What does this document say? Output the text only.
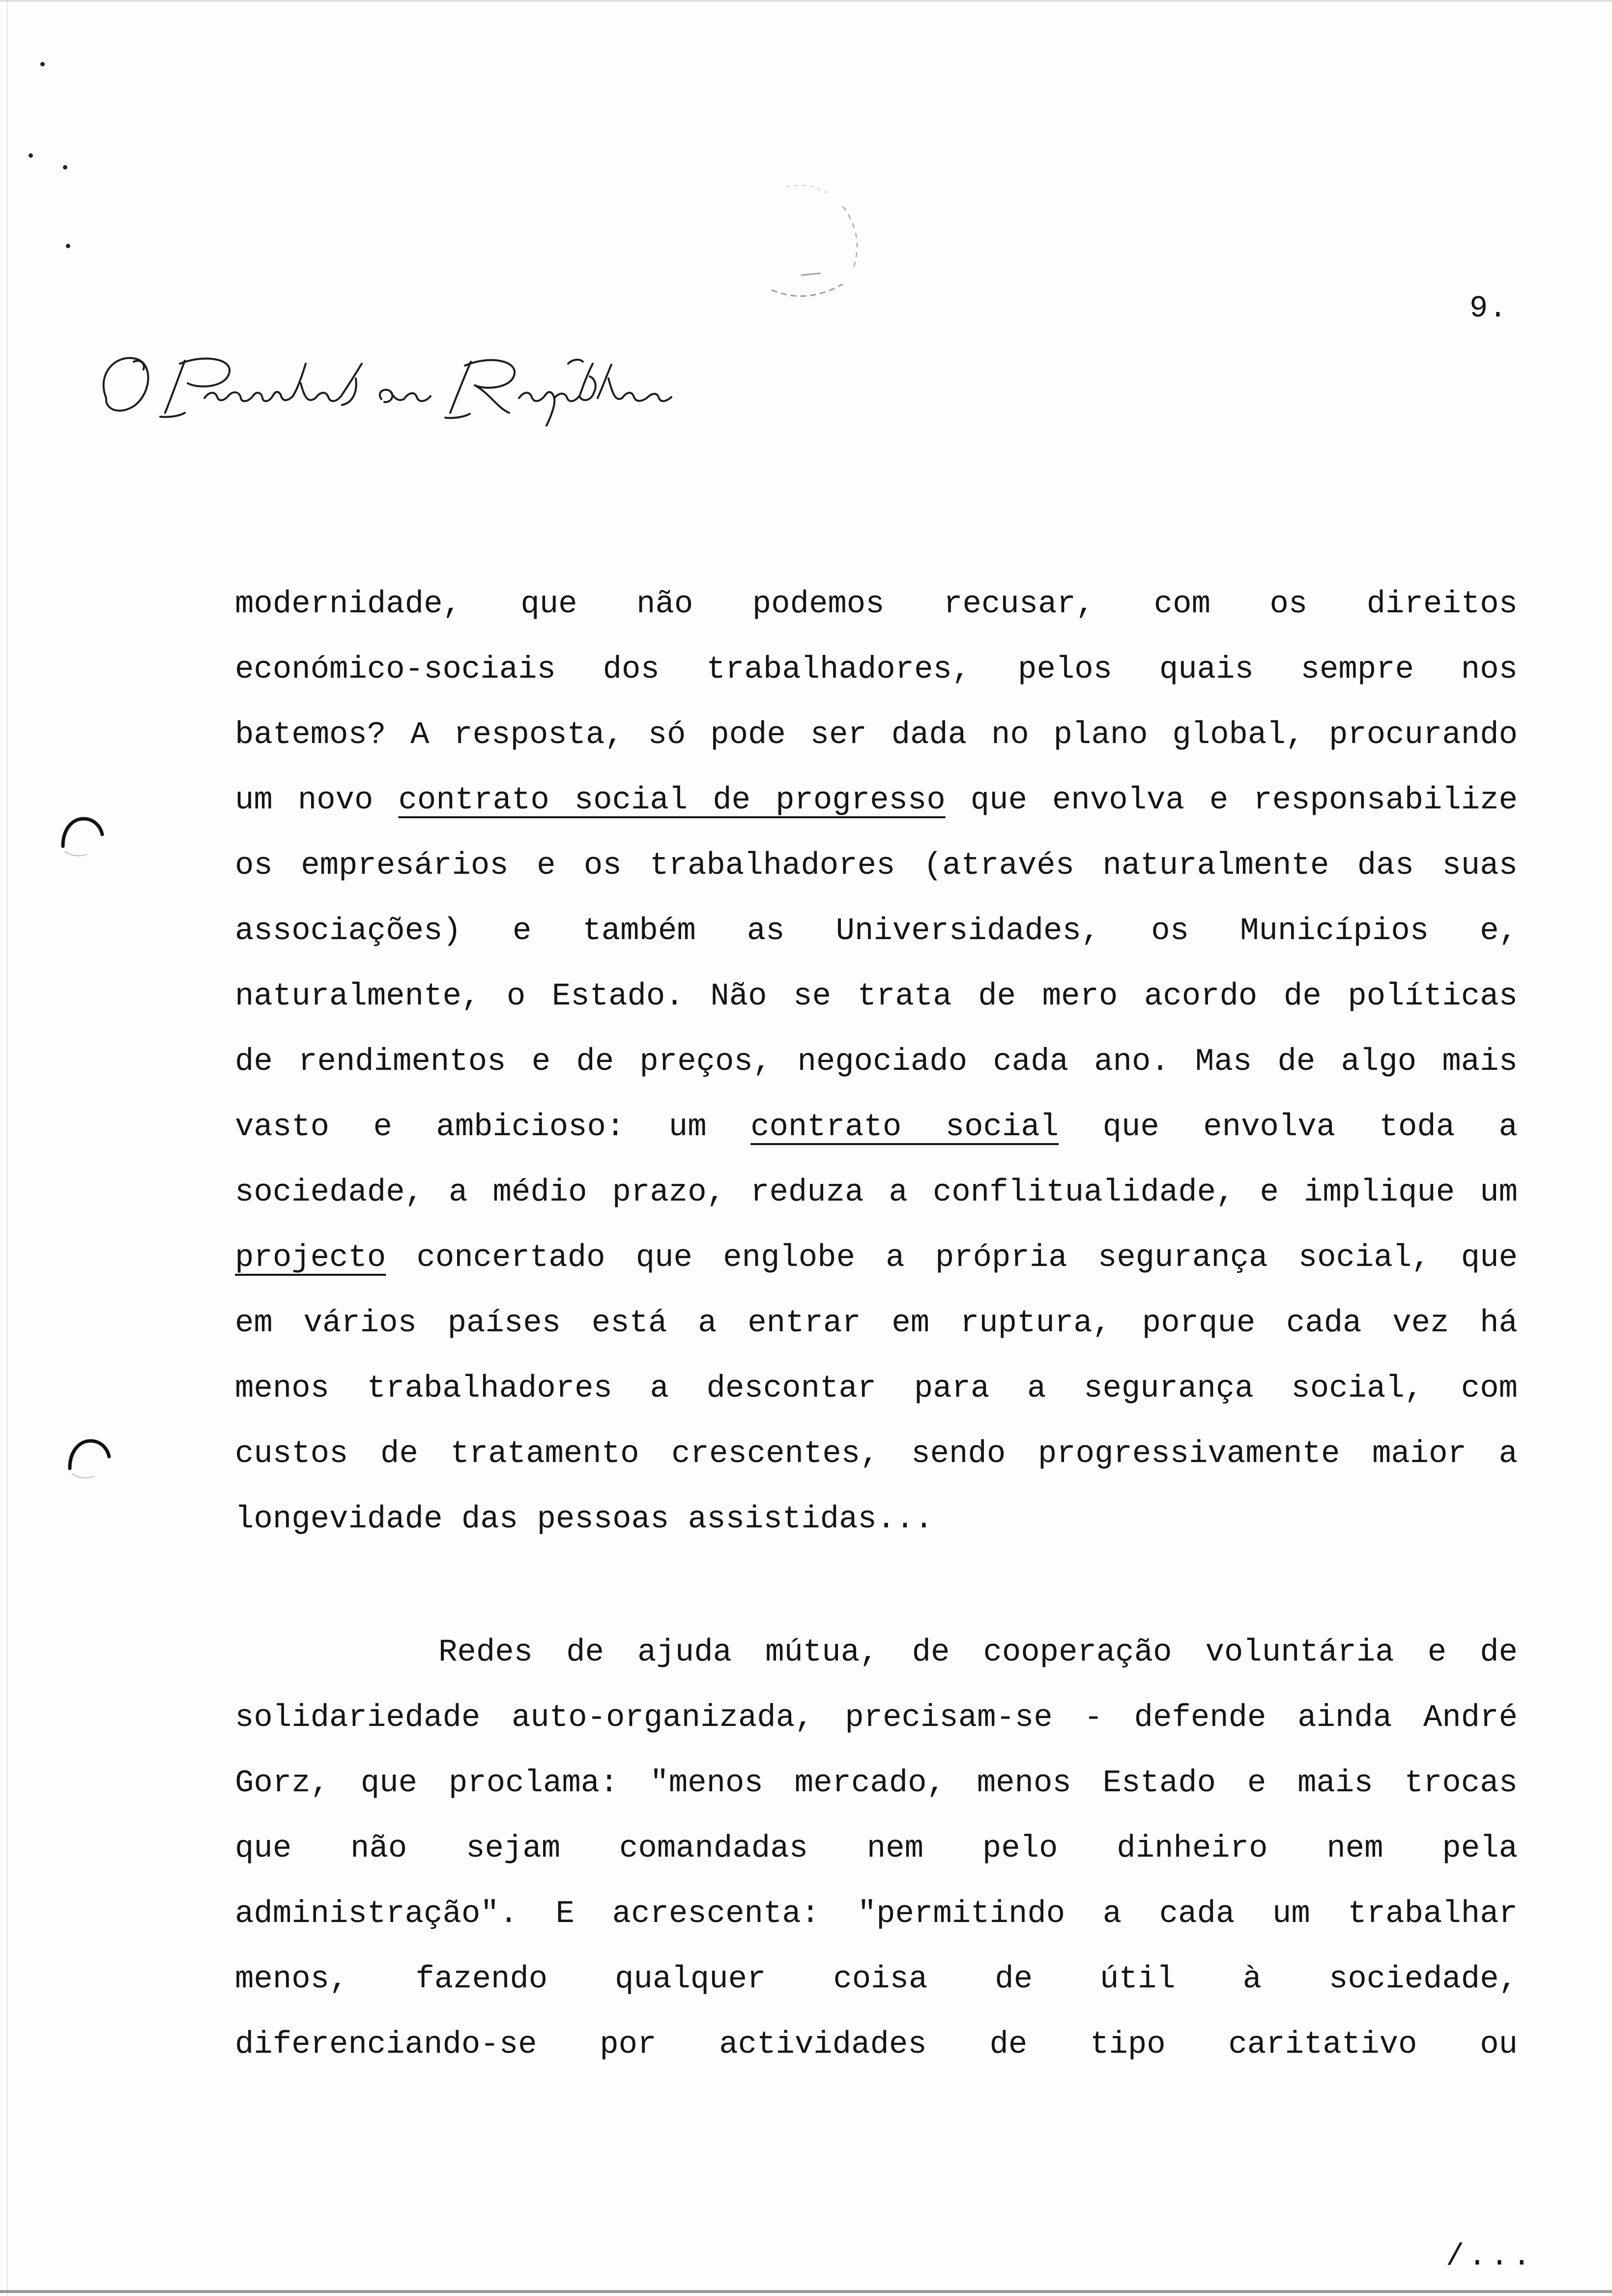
9.
modernidade, que não podemos recusar, com os direitos
económico-sociais dos trabalhadores, pelos quais sempre nos
batemos? A resposta, só pode ser dada no plano global, procurando
um novo contrato social de progresso que envolva e responsabilize
os empresários e os trabalhadores (através naturalmente das suas
associações) e também as Universidades, os Municípios e,
naturalmente, o Estado. Não se trata de mero acordo de políticas
de rendimentos e de preços, negociado cada ano. Mas de algo mais
vasto e ambicioso: um contrato social que envolva toda a
sociedade, a médio prazo, reduza a conflitualidade, e implique um
projecto concertado que englobe a própria segurança social, que
em vários países está a entrar em ruptura, porque cada vez há
menos trabalhadores a descontar para a segurança social, com
custos de tratamento crescentes, sendo progressivamente maior a
longevidade das pessoas assistidas...
Redes de ajuda mútua, de cooperação voluntária e de
solidariedade auto-organizada, precisam-se - defende ainda André
Gorz, que proclama: "menos mercado, menos Estado e mais trocas
que não sejam comandadas nem pelo dinheiro nem pela
administração". E acrescenta: "permitindo a cada um trabalhar
menos, fazendo qualquer coisa de útil à sociedade,
diferenciando-se por actividades de tipo caritativo ou
/...
